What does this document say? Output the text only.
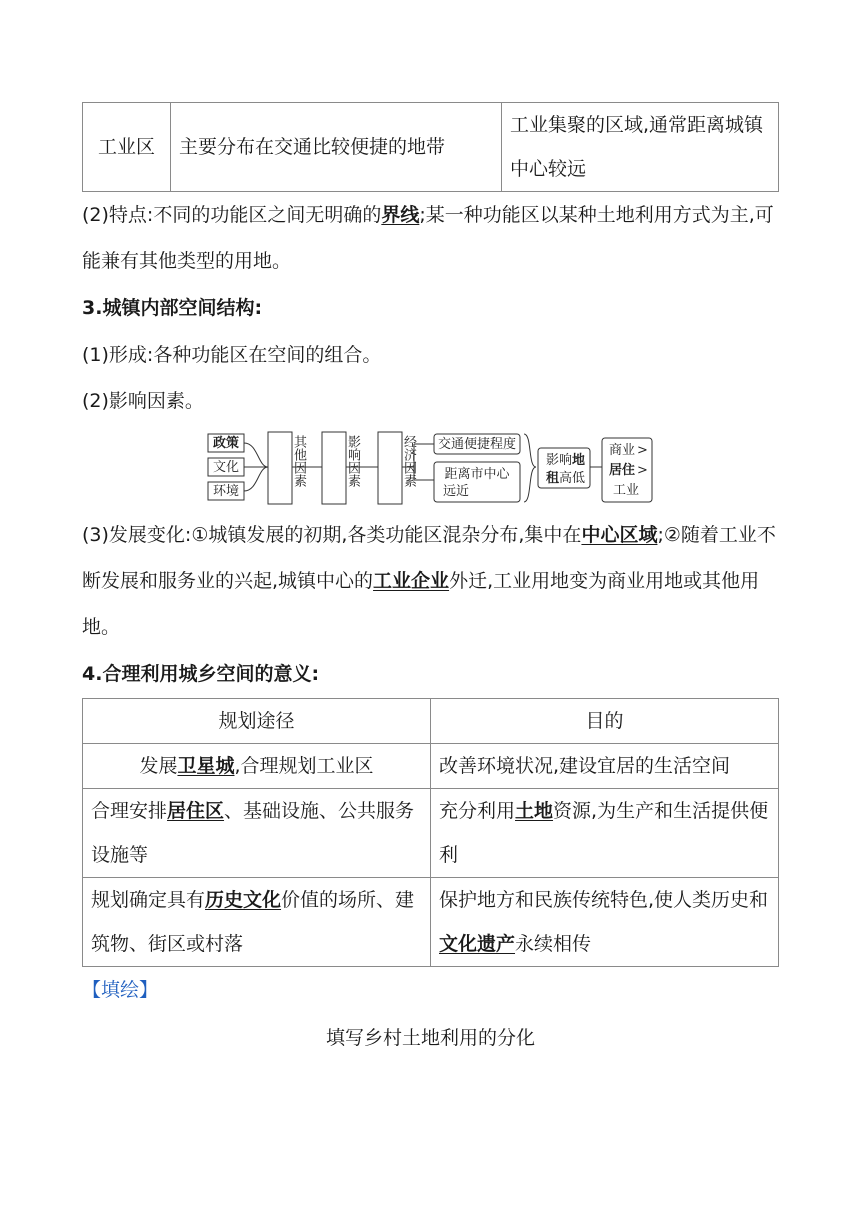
工业区	主要分布在交通比较便捷的地带	工业集聚的区域,通常距离城镇中心较远

(2)特点:不同的功能区之间无明确的界线;某一种功能区以某种土地利用方式为主,可能兼有其他类型的用地。

3.城镇内部空间结构:

(1)形成:各种功能区在空间的组合。

(2)影响因素。

政策
文化
环境
其他因素 影响因素 经济因素 交通便捷程度
距离市中心
远近
影响地
租高低
商业 >
居住 >
工业

(3)发展变化:①城镇发展的初期,各类功能区混杂分布,集中在中心区域;②随着工业不断发展和服务业的兴起,城镇中心的工业企业外迁,工业用地变为商业用地或其他用地。

4.合理利用城乡空间的意义:

规划途径	目的
发展卫星城,合理规划工业区	改善环境状况,建设宜居的生活空间
合理安排居住区、基础设施、公共服务设施等	充分利用土地资源,为生产和生活提供便利
规划确定具有历史文化价值的场所、建筑物、街区或村落	保护地方和民族传统特色,使人类历史和文化遗产永续相传

【填绘】

填写乡村土地利用的分化
